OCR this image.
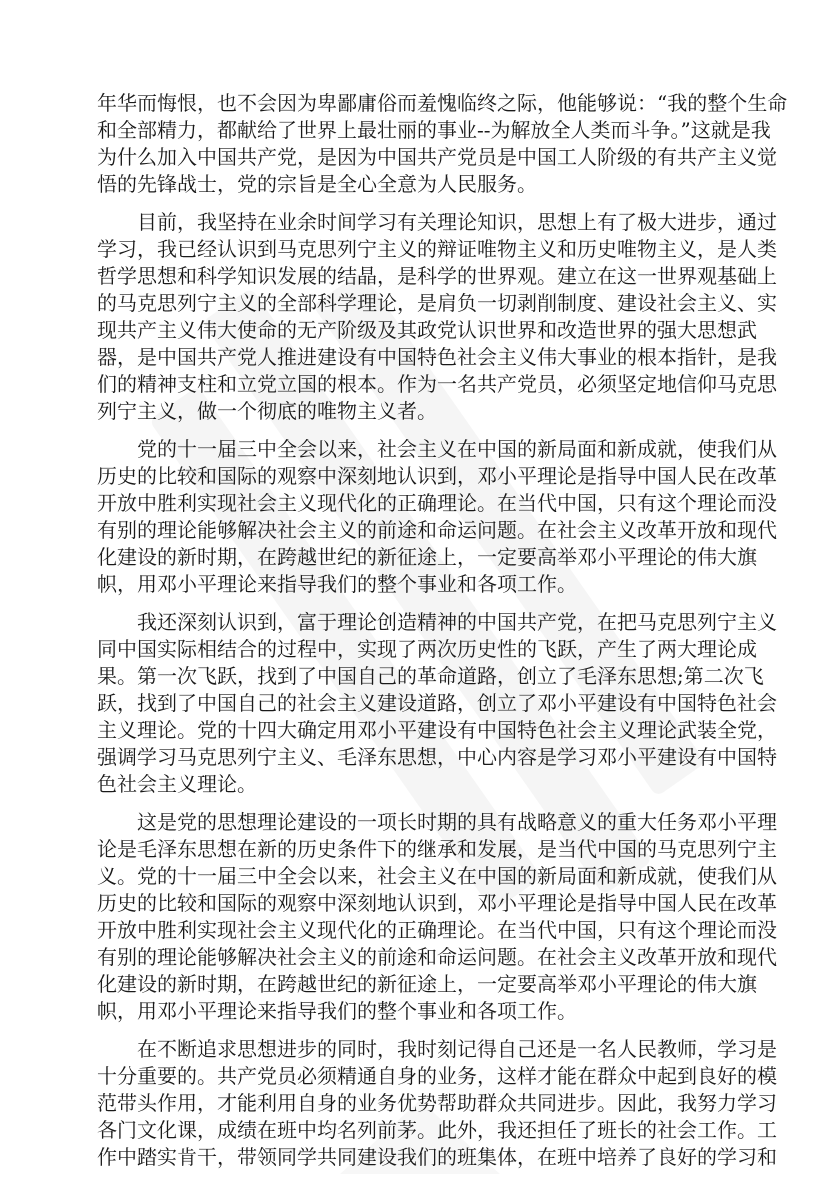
年华而悔恨，也不会因为卑鄙庸俗而羞愧临终之际，他能够说：“我的整个生命
和全部精力，都献给了世界上最壮丽的事业--为解放全人类而斗争。”这就是我
为什么加入中国共产党，是因为中国共产党员是中国工人阶级的有共产主义觉
悟的先锋战士，党的宗旨是全心全意为人民服务。
目前，我坚持在业余时间学习有关理论知识，思想上有了极大进步，通过
学习，我已经认识到马克思列宁主义的辩证唯物主义和历史唯物主义，是人类
哲学思想和科学知识发展的结晶，是科学的世界观。建立在这一世界观基础上
的马克思列宁主义的全部科学理论，是肩负一切剥削制度、建设社会主义、实
现共产主义伟大使命的无产阶级及其政党认识世界和改造世界的强大思想武
器，是中国共产党人推进建设有中国特色社会主义伟大事业的根本指针，是我
们的精神支柱和立党立国的根本。作为一名共产党员，必须坚定地信仰马克思
列宁主义，做一个彻底的唯物主义者。
党的十一届三中全会以来，社会主义在中国的新局面和新成就，使我们从
历史的比较和国际的观察中深刻地认识到，邓小平理论是指导中国人民在改革
开放中胜利实现社会主义现代化的正确理论。在当代中国，只有这个理论而没
有别的理论能够解决社会主义的前途和命运问题。在社会主义改革开放和现代
化建设的新时期，在跨越世纪的新征途上，一定要高举邓小平理论的伟大旗
帜，用邓小平理论来指导我们的整个事业和各项工作。
我还深刻认识到，富于理论创造精神的中国共产党，在把马克思列宁主义
同中国实际相结合的过程中，实现了两次历史性的飞跃，产生了两大理论成
果。第一次飞跃，找到了中国自己的革命道路，创立了毛泽东思想;第二次飞
跃，找到了中国自己的社会主义建设道路，创立了邓小平建设有中国特色社会
主义理论。党的十四大确定用邓小平建设有中国特色社会主义理论武装全党，
强调学习马克思列宁主义、毛泽东思想，中心内容是学习邓小平建设有中国特
色社会主义理论。
这是党的思想理论建设的一项长时期的具有战略意义的重大任务邓小平理
论是毛泽东思想在新的历史条件下的继承和发展，是当代中国的马克思列宁主
义。党的十一届三中全会以来，社会主义在中国的新局面和新成就，使我们从
历史的比较和国际的观察中深刻地认识到，邓小平理论是指导中国人民在改革
开放中胜利实现社会主义现代化的正确理论。在当代中国，只有这个理论而没
有别的理论能够解决社会主义的前途和命运问题。在社会主义改革开放和现代
化建设的新时期，在跨越世纪的新征途上，一定要高举邓小平理论的伟大旗
帜，用邓小平理论来指导我们的整个事业和各项工作。
在不断追求思想进步的同时，我时刻记得自己还是一名人民教师，学习是
十分重要的。共产党员必须精通自身的业务，这样才能在群众中起到良好的模
范带头作用，才能利用自身的业务优势帮助群众共同进步。因此，我努力学习
各门文化课，成绩在班中均名列前茅。此外，我还担任了班长的社会工作。工
作中踏实肯干，带领同学共同建设我们的班集体，在班中培养了良好的学习和
